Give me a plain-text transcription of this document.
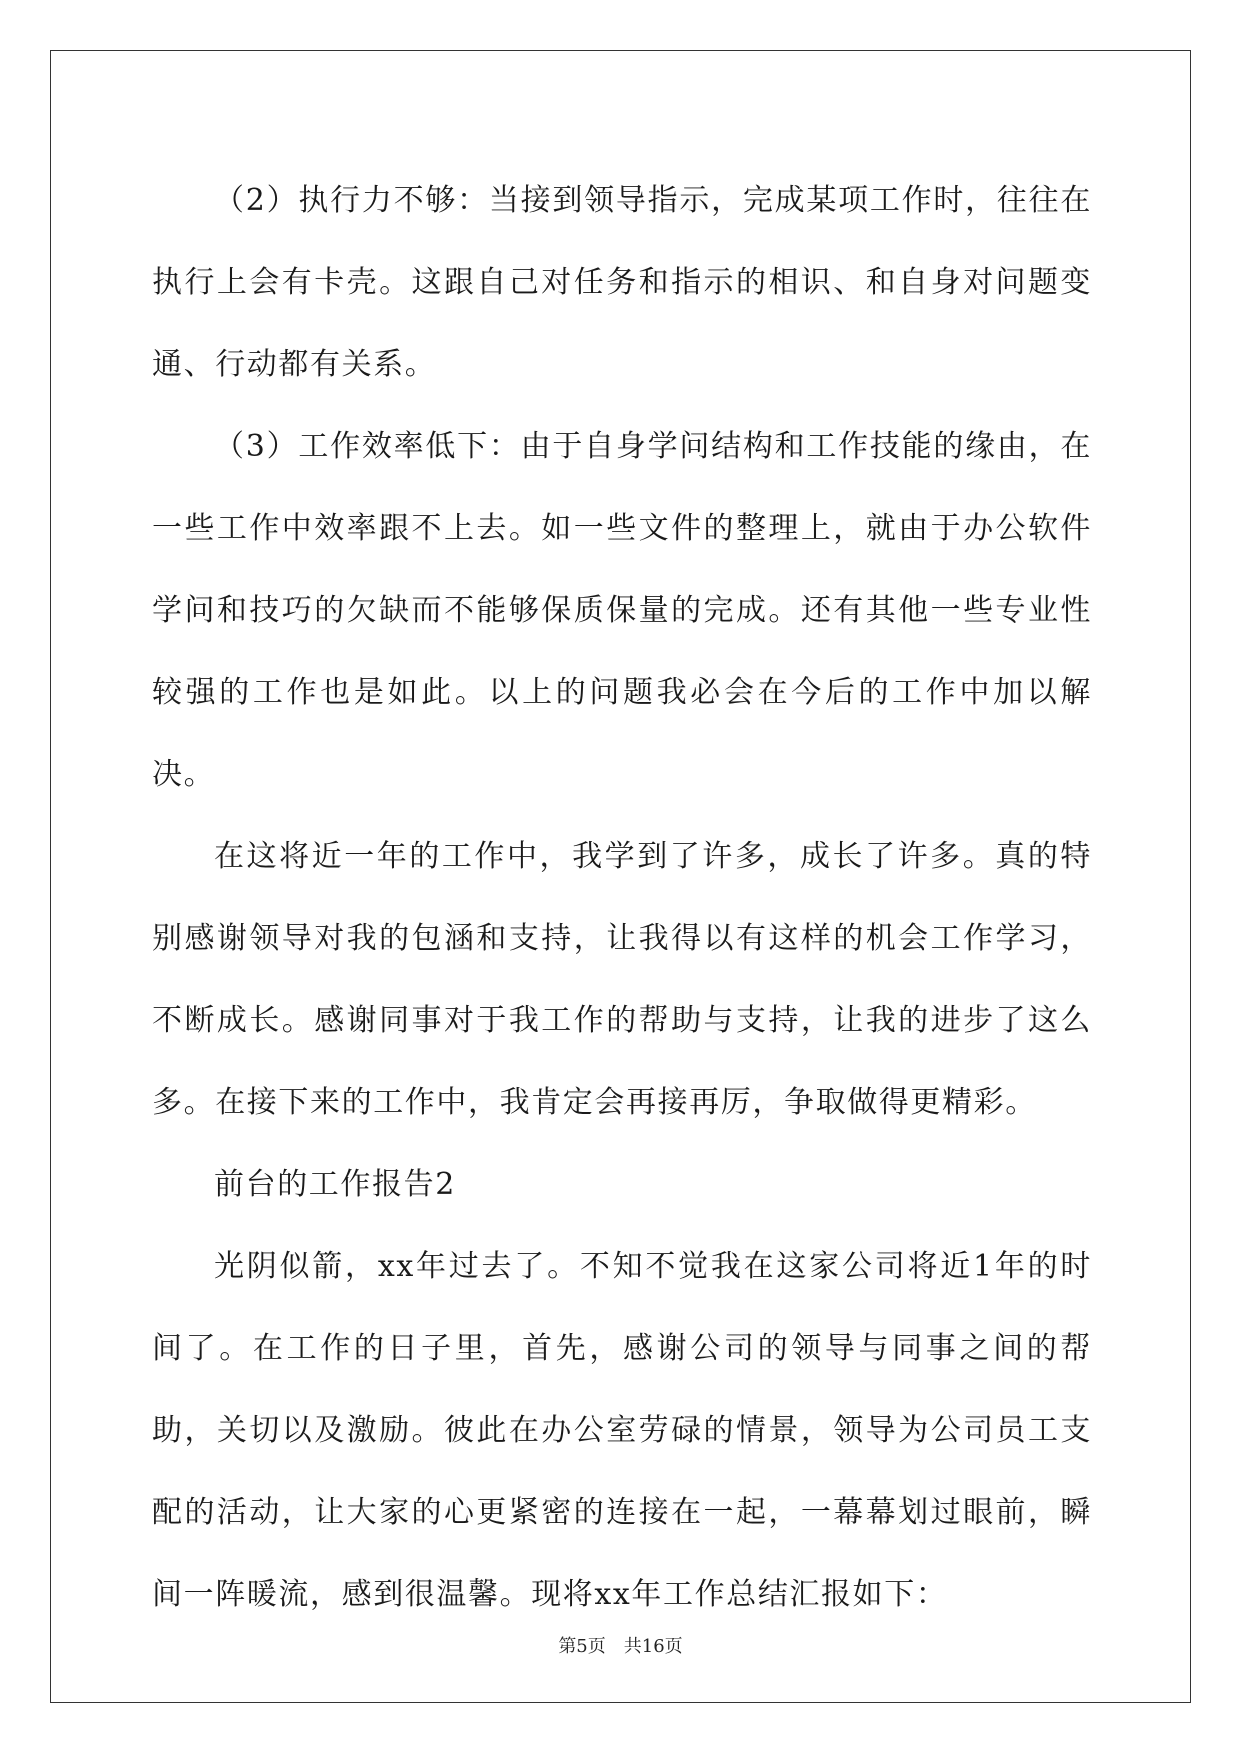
（2）执行力不够：当接到领导指示，完成某项工作时，往往在执行上会有卡壳。这跟自己对任务和指示的相识、和自身对问题变通、行动都有关系。

（3）工作效率低下：由于自身学问结构和工作技能的缘由，在一些工作中效率跟不上去。如一些文件的整理上，就由于办公软件学问和技巧的欠缺而不能够保质保量的完成。还有其他一些专业性较强的工作也是如此。以上的问题我必会在今后的工作中加以解决。

在这将近一年的工作中，我学到了许多，成长了许多。真的特别感谢领导对我的包涵和支持，让我得以有这样的机会工作学习，不断成长。感谢同事对于我工作的帮助与支持，让我的进步了这么多。在接下来的工作中，我肯定会再接再厉，争取做得更精彩。

前台的工作报告2

光阴似箭，xx年过去了。不知不觉我在这家公司将近1年的时间了。在工作的日子里，首先，感谢公司的领导与同事之间的帮助，关切以及激励。彼此在办公室劳碌的情景，领导为公司员工支配的活动，让大家的心更紧密的连接在一起，一幕幕划过眼前，瞬间一阵暖流，感到很温馨。现将xx年工作总结汇报如下：

第5页 共16页
